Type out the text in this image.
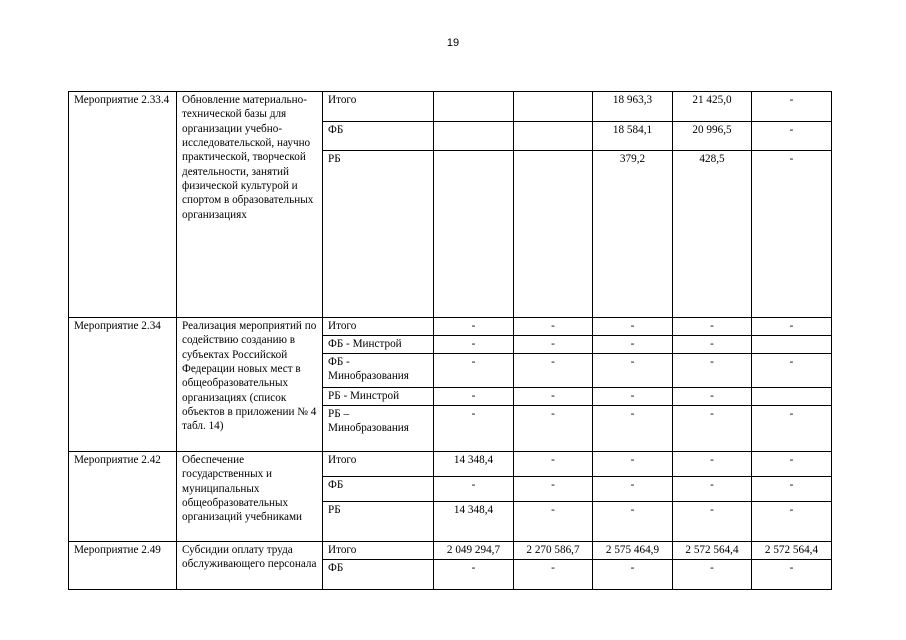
19
Мероприятие 2.33.4	Обновление материально-технической базы для организации учебно-исследовательской, научно практической, творческой деятельности, занятий физической культурой и спортом в образовательных организациях	Итого			18 963,3	21 425,0	-
		ФБ			18 584,1	20 996,5	-
		РБ			379,2	428,5	-
Мероприятие 2.34	Реализация мероприятий по содействию созданию в субъектах Российской Федерации новых мест в общеобразовательных организациях (список объектов в приложении № 4 табл. 14)	Итого	-	-	-	-	-
		ФБ - Минстрой	-	-	-	-	
		ФБ - Минобразования	-	-	-	-	-
		РБ - Минстрой	-	-	-	-	
		РБ – Минобразования	-	-	-	-	-
Мероприятие 2.42	Обеспечение государственных и муниципальных общеобразовательных организаций учебниками	Итого	14 348,4	-	-	-	-
		ФБ	-	-	-	-	-
		РБ	14 348,4	-	-	-	-
Мероприятие 2.49	Субсидии оплату труда обслуживающего персонала	Итого	2 049 294,7	2 270 586,7	2 575 464,9	2 572 564,4	2 572 564,4
		ФБ	-	-	-	-	-
